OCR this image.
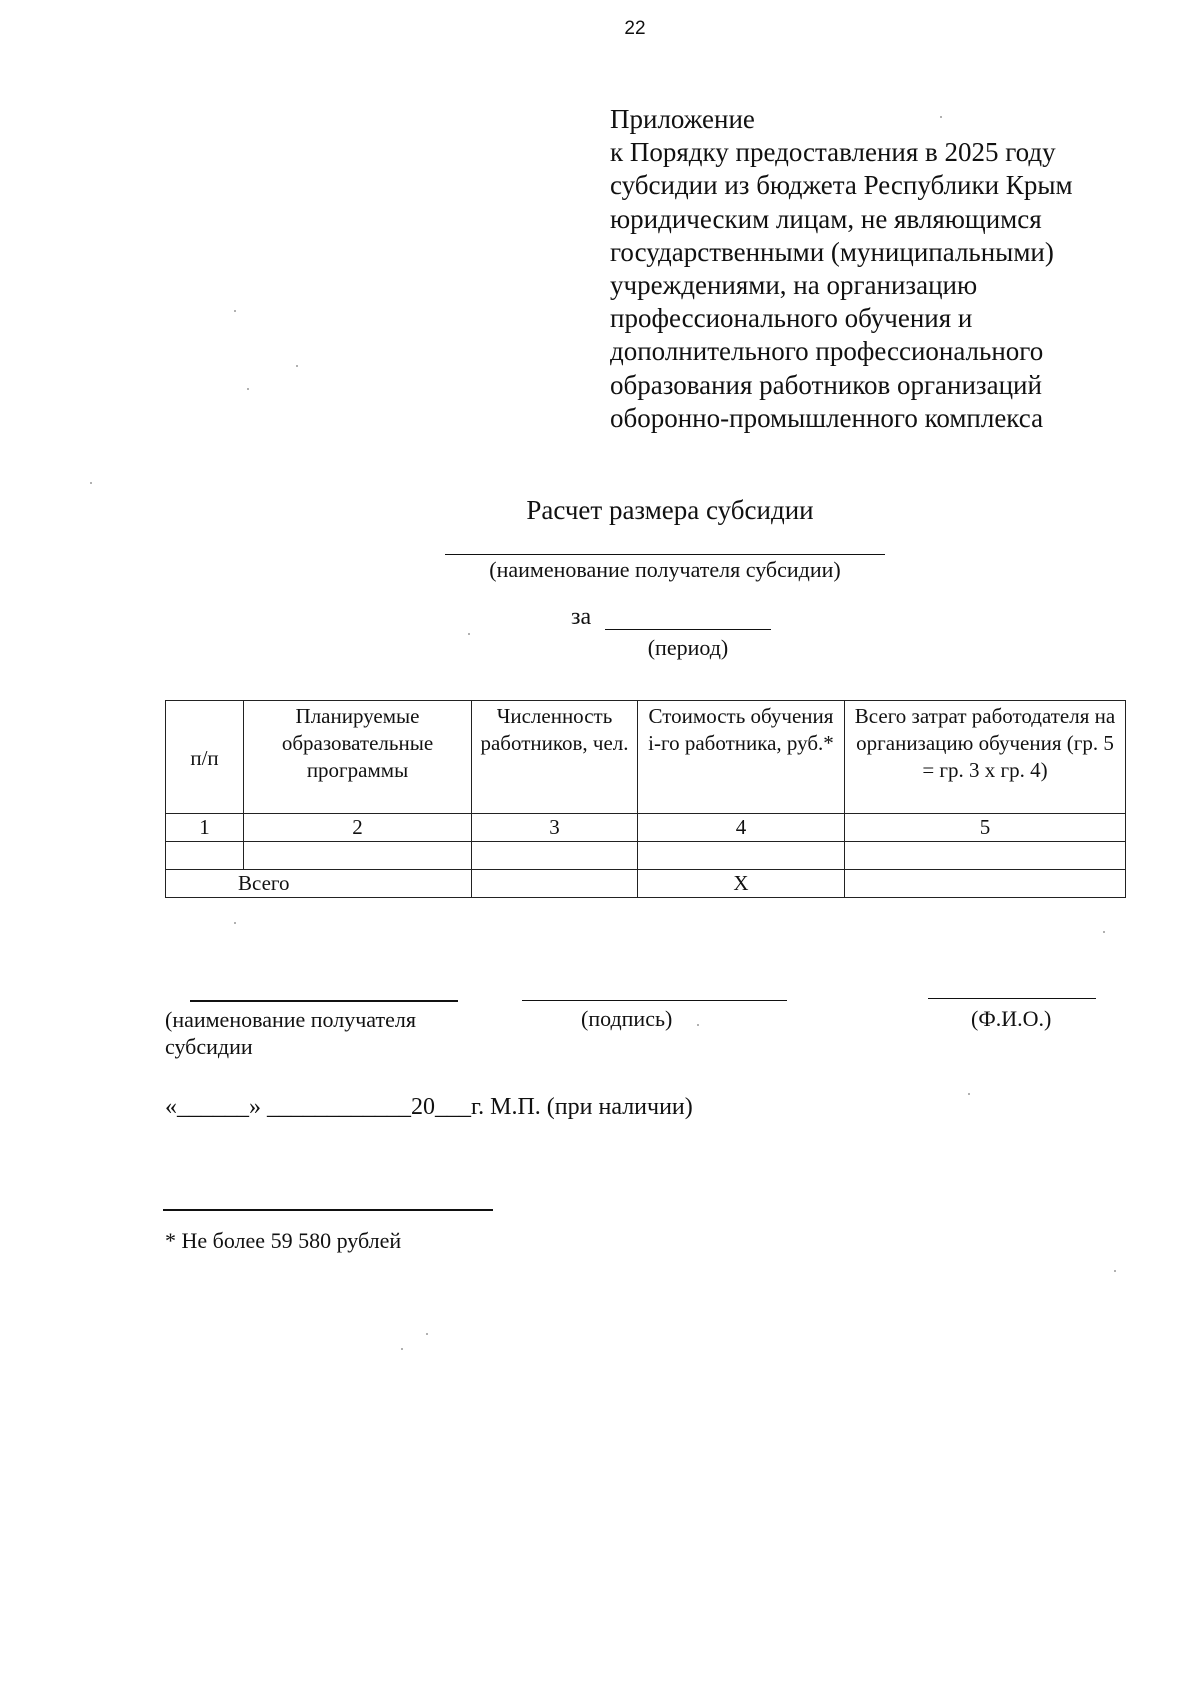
22
Приложение
к Порядку предоставления в 2025 году
субсидии из бюджета Республики Крым
юридическим лицам, не являющимся
государственными (муниципальными)
учреждениями, на организацию
профессионального обучения и
дополнительного профессионального
образования работников организаций
оборонно-промышленного комплекса
Расчет размера субсидии
(наименование получателя субсидии)
за
(период)
п/п	Планируемые образовательные программы	Численность работников, чел.	Стоимость обучения i-го работника, руб.*	Всего затрат работодателя на организацию обучения (гр. 5 = гр. 3 х гр. 4)
1	2	3	4	5

Всего			X	
(наименование получателя субсидии
(подпись)	(Ф.И.О.)
«______» ____________20___г. М.П. (при наличии)
* Не более 59 580 рублей
